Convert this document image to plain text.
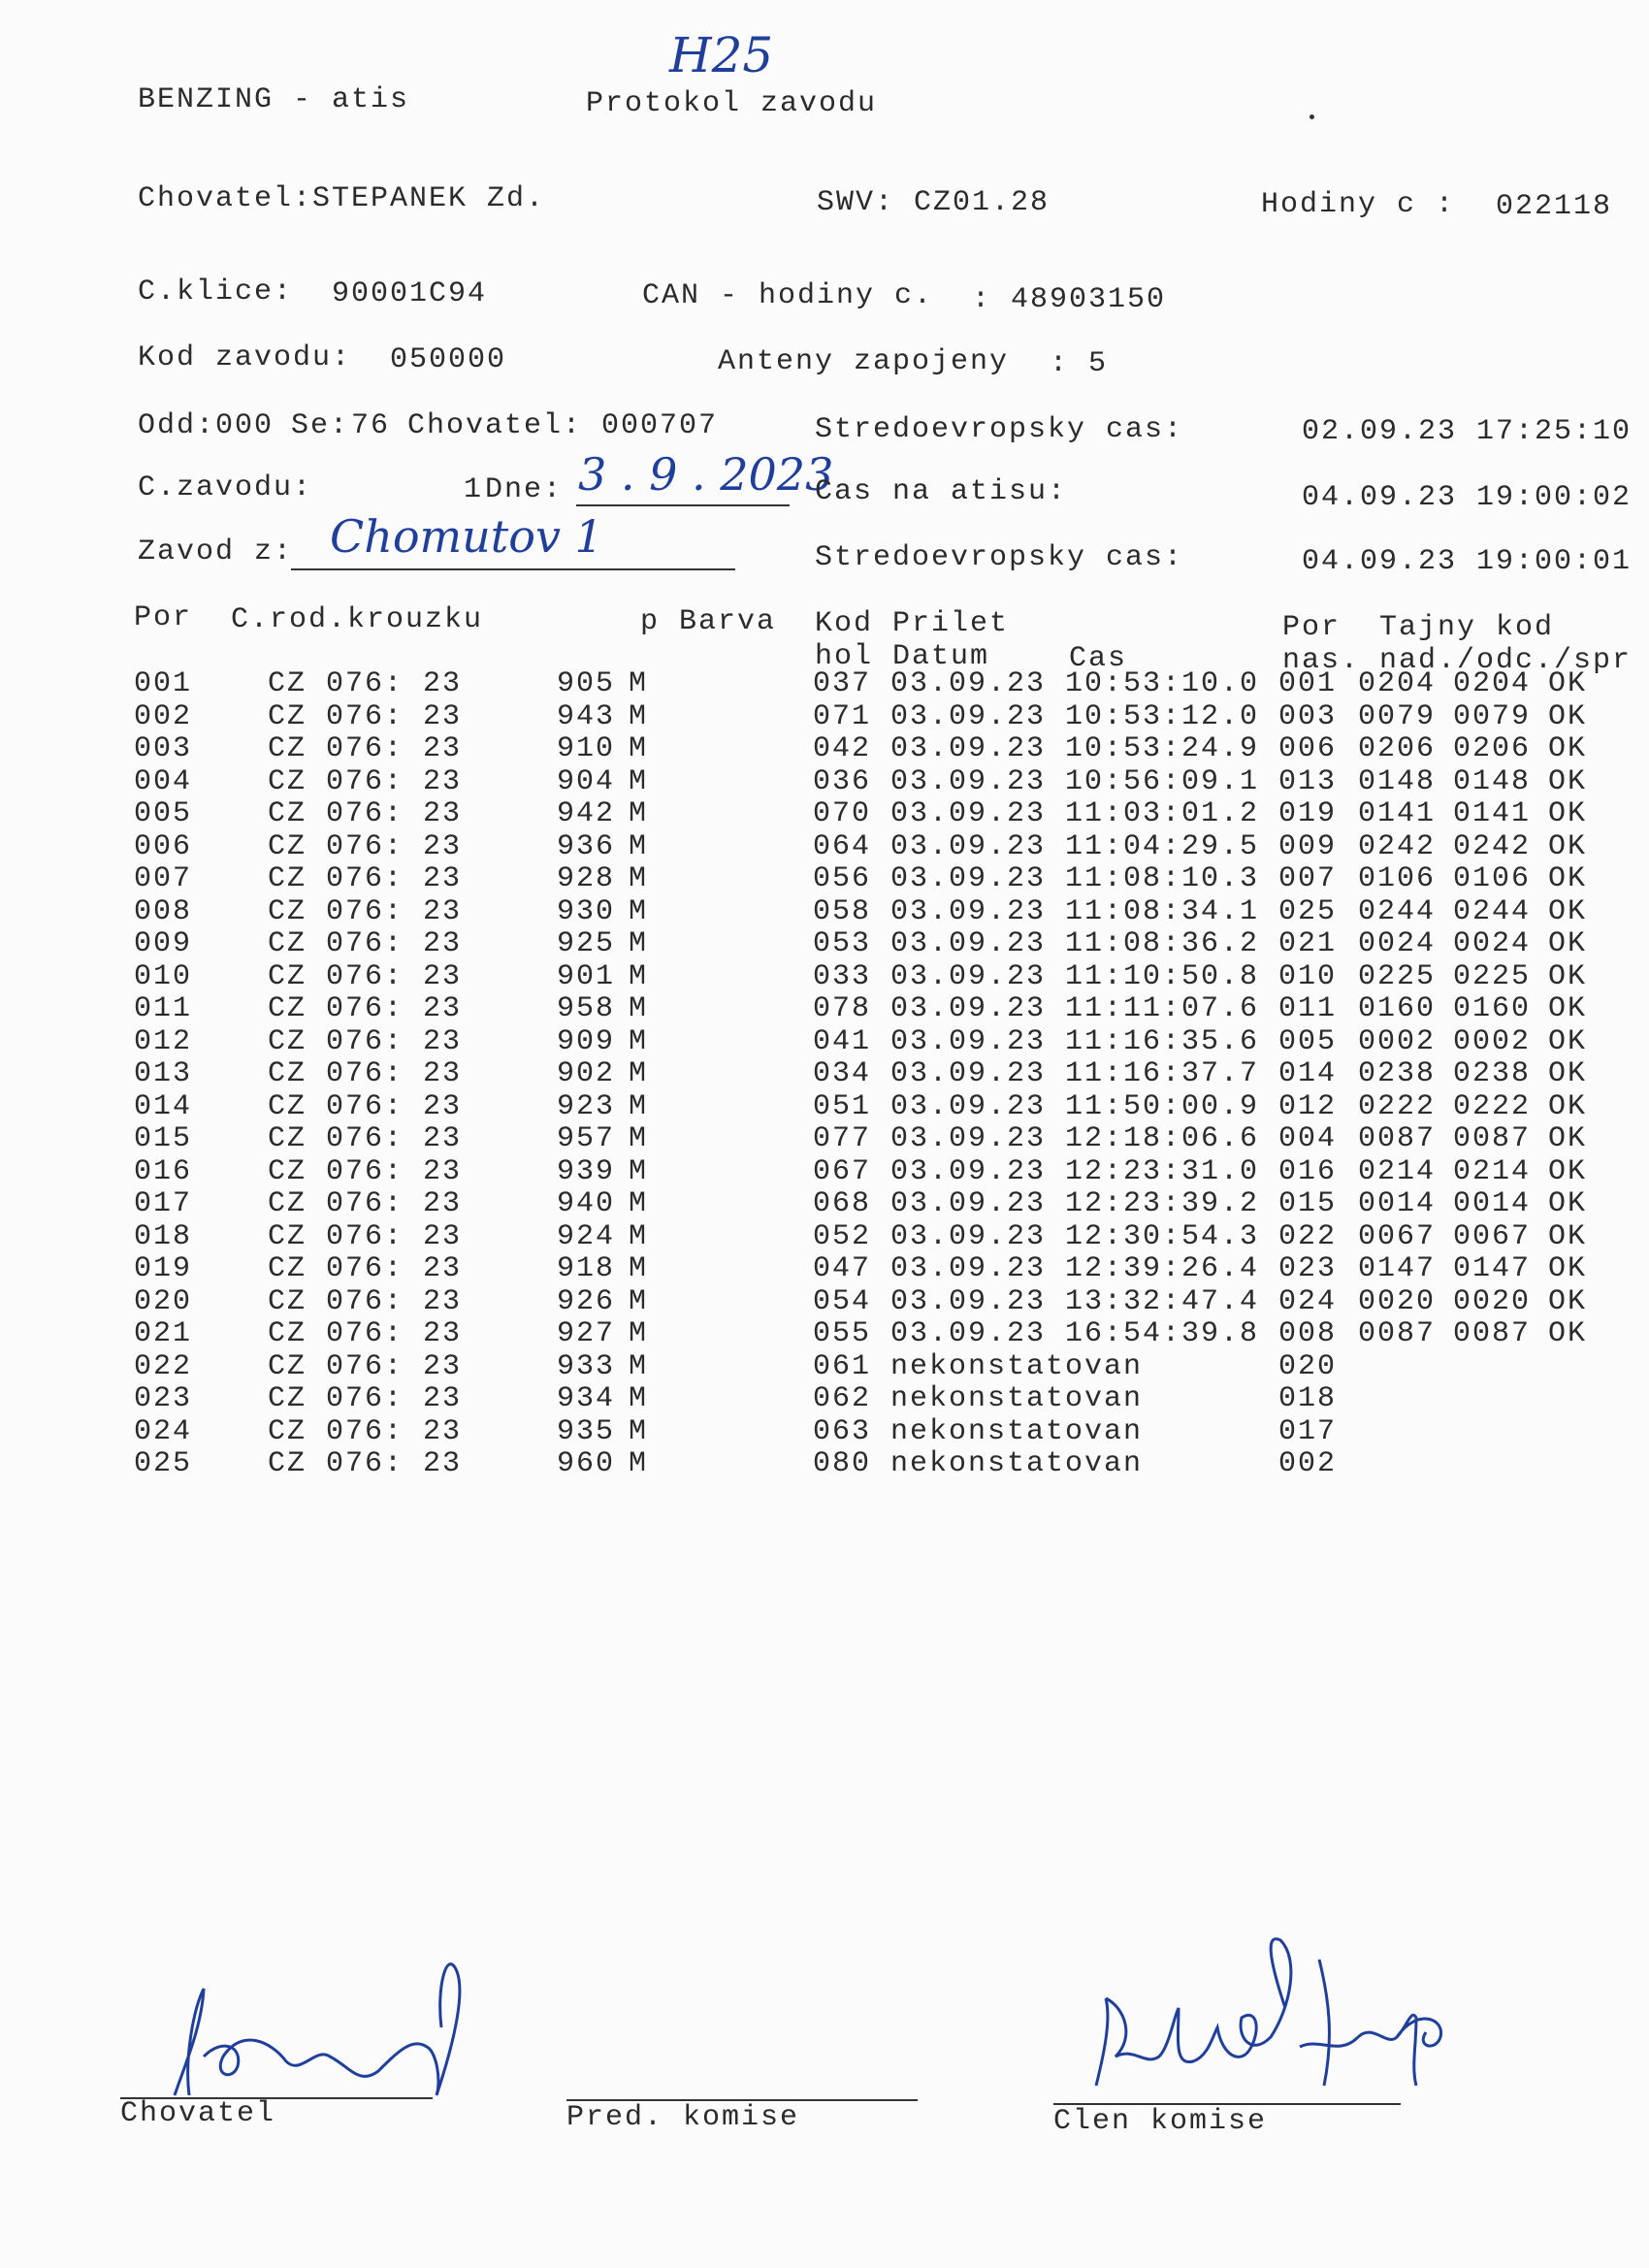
H25
BENZING - atis	Protokol zavodu
Chovatel: STEPANEK Zd.	SWV: CZ01.28	Hodiny c : 022118
C.klice: 90001C94	CAN - hodiny c. : 48903150
Kod zavodu: 050000	Anteny zapojeny : 5
Odd: 000 Se: 76 Chovatel: 000707	Stredoevropsky cas:	02.09.23 17:25:10
C.zavodu:	1 Dne: 3 . 9 . 2023
Cas na atisu:	04.09.23 19:00:02
Zavod z: Chomutov 1	Stredoevropsky cas:	04.09.23 19:00:01
Por C.rod.krouzku	p Barva Kod Prilet	Por Tajny kod
hol Datum	Cas	nas. nad./odc./spr
001	CZ 076: 23	905 M	037 03.09.23 10:53:10.0 001 0204 0204 OK
002	CZ 076: 23	943 M	071 03.09.23 10:53:12.0 003 0079 0079 OK
003	CZ 076: 23	910 M	042 03.09.23 10:53:24.9 006 0206 0206 OK
004	CZ 076: 23	904 M	036 03.09.23 10:56:09.1 013 0148 0148 OK
005	CZ 076: 23	942 M	070 03.09.23 11:03:01.2 019 0141 0141 OK
006	CZ 076: 23	936 M	064 03.09.23 11:04:29.5 009 0242 0242 OK
007	CZ 076: 23	928 M	056 03.09.23 11:08:10.3 007 0106 0106 OK
008	CZ 076: 23	930 M	058 03.09.23 11:08:34.1 025 0244 0244 OK
009	CZ 076: 23	925 M	053 03.09.23 11:08:36.2 021 0024 0024 OK
010	CZ 076: 23	901 M	033 03.09.23 11:10:50.8 010 0225 0225 OK
011	CZ 076: 23	958 M	078 03.09.23 11:11:07.6 011 0160 0160 OK
012	CZ 076: 23	909 M	041 03.09.23 11:16:35.6 005 0002 0002 OK
013	CZ 076: 23	902 M	034 03.09.23 11:16:37.7 014 0238 0238 OK
014	CZ 076: 23	923 M	051 03.09.23 11:50:00.9 012 0222 0222 OK
015	CZ 076: 23	957 M	077 03.09.23 12:18:06.6 004 0087 0087 OK
016	CZ 076: 23	939 M	067 03.09.23 12:23:31.0 016 0214 0214 OK
017	CZ 076: 23	940 M	068 03.09.23 12:23:39.2 015 0014 0014 OK
018	CZ 076: 23	924 M	052 03.09.23 12:30:54.3 022 0067 0067 OK
019	CZ 076: 23	918 M	047 03.09.23 12:39:26.4 023 0147 0147 OK
020	CZ 076: 23	926 M	054 03.09.23 13:32:47.4 024 0020 0020 OK
021	CZ 076: 23	927 M	055 03.09.23 16:54:39.8 008 0087 0087 OK
022	CZ 076: 23	933 M	061 nekonstatovan	020
023	CZ 076: 23	934 M	062 nekonstatovan	018
024	CZ 076: 23	935 M	063 nekonstatovan	017
025	CZ 076: 23	960 M	080 nekonstatovan	002
Chovatel	Pred. komise	Clen komise
